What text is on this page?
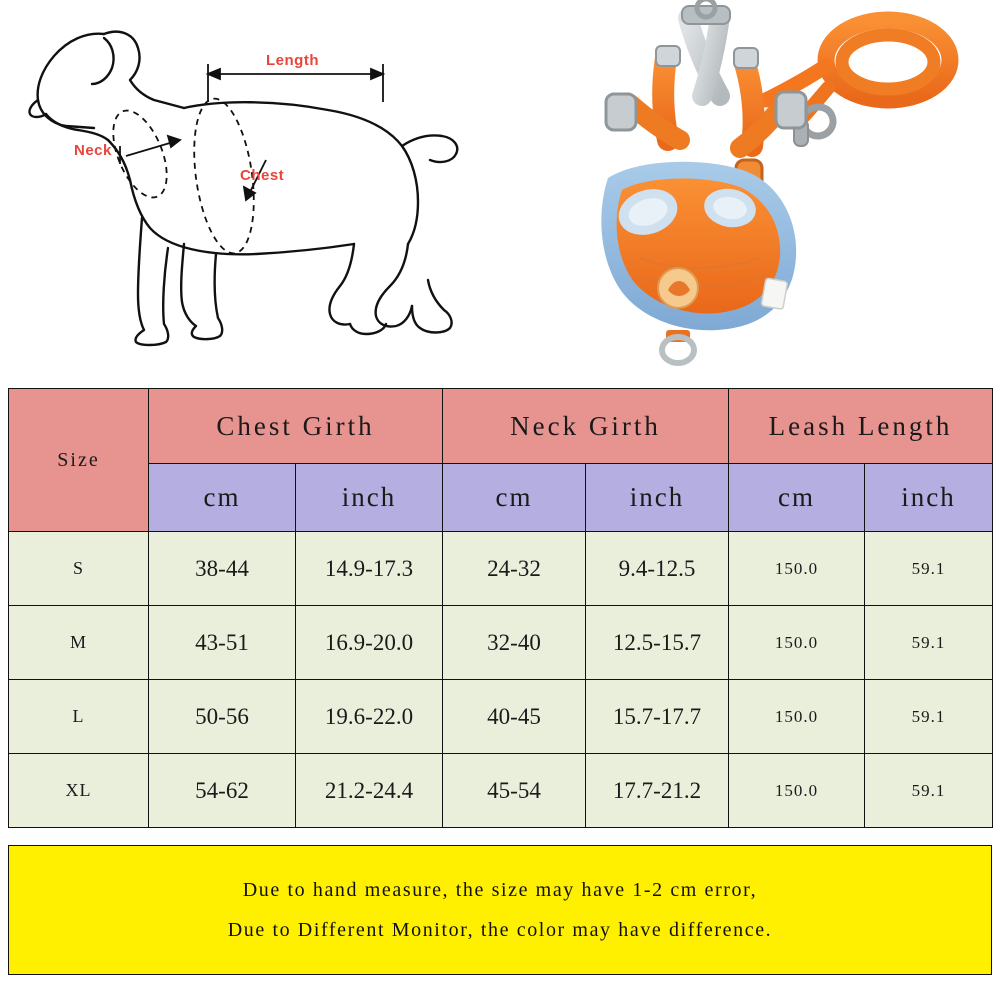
Length
Neck
Chest
Size	Chest Girth		Neck Girth		Leash Length	
	cm	inch	cm	inch	cm	inch
S	38-44	14.9-17.3	24-32	9.4-12.5	150.0	59.1
M	43-51	16.9-20.0	32-40	12.5-15.7	150.0	59.1
L	50-56	19.6-22.0	40-45	15.7-17.7	150.0	59.1
XL	54-62	21.2-24.4	45-54	17.7-21.2	150.0	59.1
Due to hand measure, the size may have 1-2 cm error,
Due to Different Monitor, the color may have difference.
